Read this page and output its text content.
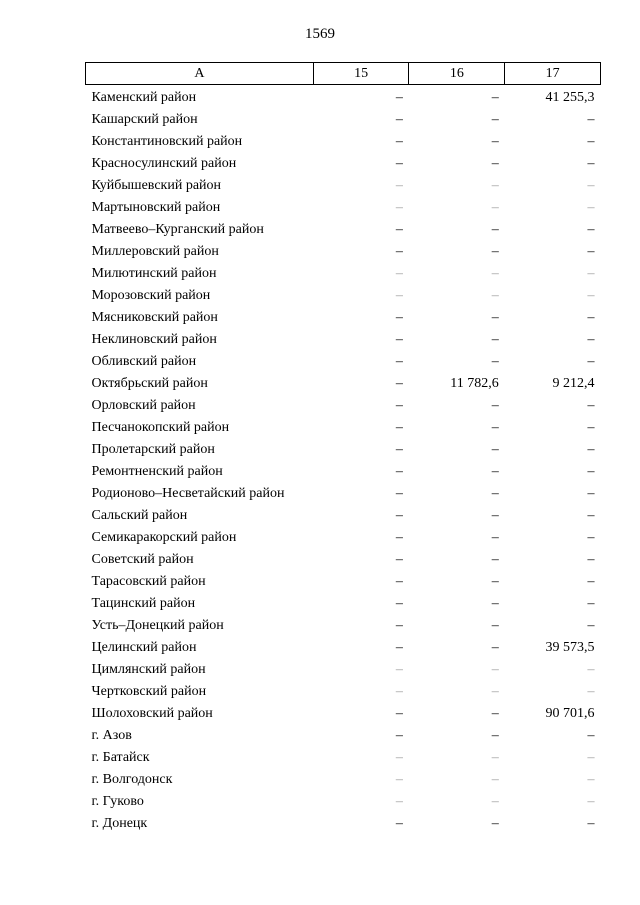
1569
А	15	16	17
Каменский район	–	–	41 255,3
Кашарский район	–	–	–
Константиновский район	–	–	–
Красносулинский район	–	–	–
Куйбышевский район	–	–	–
Мартыновский район	–	–	–
Матвеево–Курганский район	–	–	–
Миллеровский район	–	–	–
Милютинский район	–	–	–
Морозовский район	–	–	–
Мясниковский район	–	–	–
Неклиновский район	–	–	–
Обливский район	–	–	–
Октябрьский район	–	11 782,6	9 212,4
Орловский район	–	–	–
Песчанокопский район	–	–	–
Пролетарский район	–	–	–
Ремонтненский район	–	–	–
Родионово–Несветайский район	–	–	–
Сальский район	–	–	–
Семикаракорский район	–	–	–
Советский район	–	–	–
Тарасовский район	–	–	–
Тацинский район	–	–	–
Усть–Донецкий район	–	–	–
Целинский район	–	–	39 573,5
Цимлянский район	–	–	–
Чертковский район	–	–	–
Шолоховский район	–	–	90 701,6
г. Азов	–	–	–
г. Батайск	–	–	–
г. Волгодонск	–	–	–
г. Гуково	–	–	–
г. Донецк	–	–	–
